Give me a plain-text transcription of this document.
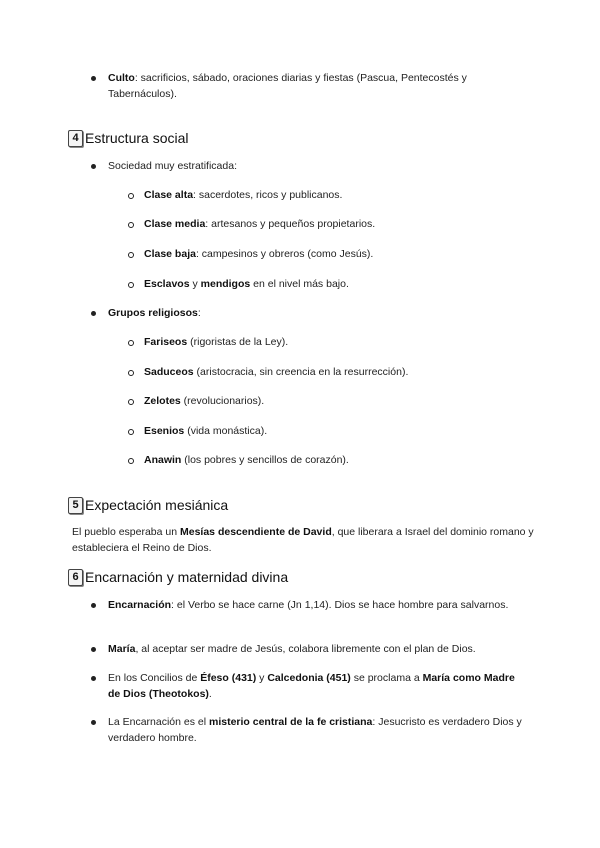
Culto: sacrificios, sábado, oraciones diarias y fiestas (Pascua, Pentecostés y Tabernáculos).
4 Estructura social
Sociedad muy estratificada:
Clase alta: sacerdotes, ricos y publicanos.
Clase media: artesanos y pequeños propietarios.
Clase baja: campesinos y obreros (como Jesús).
Esclavos y mendigos en el nivel más bajo.
Grupos religiosos:
Fariseos (rigoristas de la Ley).
Saduceos (aristocracia, sin creencia en la resurrección).
Zelotes (revolucionarios).
Esenios (vida monástica).
Anawin (los pobres y sencillos de corazón).
5 Expectación mesiánica
El pueblo esperaba un Mesías descendiente de David, que liberara a Israel del dominio romano y estableciera el Reino de Dios.
6 Encarnación y maternidad divina
Encarnación: el Verbo se hace carne (Jn 1,14). Dios se hace hombre para salvarnos.
María, al aceptar ser madre de Jesús, colabora libremente con el plan de Dios.
En los Concilios de Éfeso (431) y Calcedonia (451) se proclama a María como Madre de Dios (Theotokos).
La Encarnación es el misterio central de la fe cristiana: Jesucristo es verdadero Dios y verdadero hombre.
